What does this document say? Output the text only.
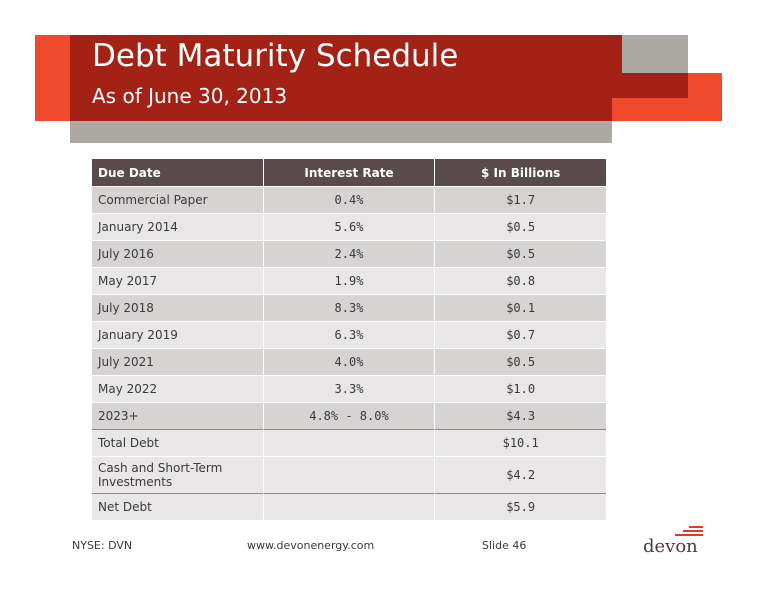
Debt Maturity Schedule
As of June 30, 2013
Due Date	Interest Rate	$ In Billions
Commercial Paper	0.4%	$1.7
January 2014	5.6%	$0.5
July 2016	2.4%	$0.5
May 2017	1.9%	$0.8
July 2018	8.3%	$0.1
January 2019	6.3%	$0.7
July 2021	4.0%	$0.5
May 2022	3.3%	$1.0
2023+	4.8% - 8.0%	$4.3
Total Debt		$10.1
Cash and Short-Term Investments		$4.2
Net Debt		$5.9
NYSE: DVN	www.devonenergy.com	Slide 46	devon
